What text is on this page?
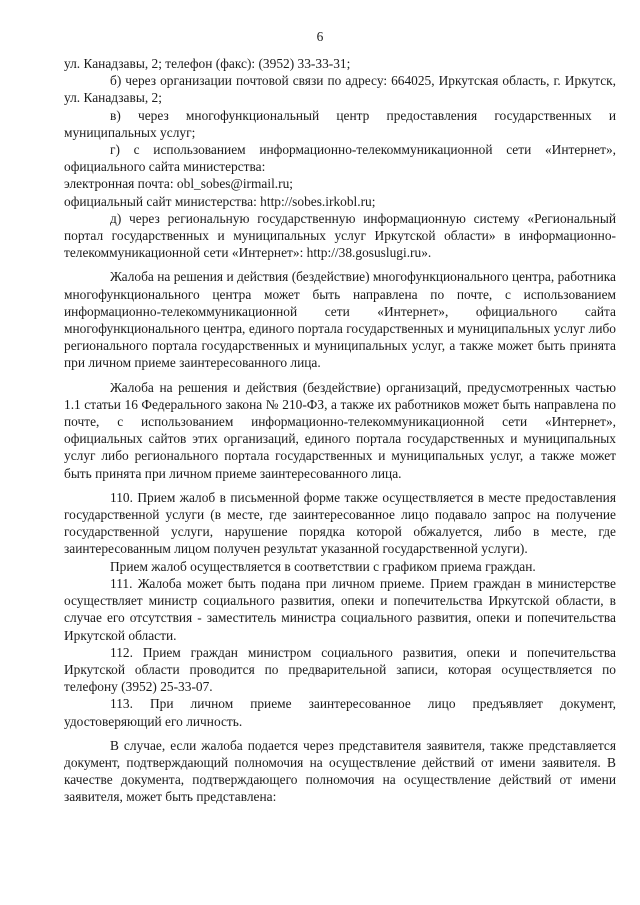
6

ул. Канадзавы, 2; телефон (факс): (3952) 33-33-31;

б) через организации почтовой связи по адресу: 664025, Иркутская область, г. Иркутск, ул. Канадзавы, 2;

в) через многофункциональный центр предоставления государственных и муниципальных услуг;

г) с использованием информационно-телекоммуникационной сети «Интернет», официального сайта министерства:

электронная почта: obl_sobes@irmail.ru;

официальный сайт министерства: http://sobes.irkobl.ru;

д) через региональную государственную информационную систему «Региональный портал государственных и муниципальных услуг Иркутской области» в информационно-телекоммуникационной сети «Интернет»: http://38.gosuslugi.ru».

Жалоба на решения и действия (бездействие) многофункционального центра, работника многофункционального центра может быть направлена по почте, с использованием информационно-телекоммуникационной сети «Интернет», официального сайта многофункционального центра, единого портала государственных и муниципальных услуг либо регионального портала государственных и муниципальных услуг, а также может быть принята при личном приеме заинтересованного лица.

Жалоба на решения и действия (бездействие) организаций, предусмотренных частью 1.1 статьи 16 Федерального закона № 210-ФЗ, а также их работников может быть направлена по почте, с использованием информационно-телекоммуникационной сети «Интернет», официальных сайтов этих организаций, единого портала государственных и муниципальных услуг либо регионального портала государственных и муниципальных услуг, а также может быть принята при личном приеме заинтересованного лица.

110. Прием жалоб в письменной форме также осуществляется в месте предоставления государственной услуги (в месте, где заинтересованное лицо подавало запрос на получение государственной услуги, нарушение порядка которой обжалуется, либо в месте, где заинтересованным лицом получен результат указанной государственной услуги).

Прием жалоб осуществляется в соответствии с графиком приема граждан.

111. Жалоба может быть подана при личном приеме. Прием граждан в министерстве осуществляет министр социального развития, опеки и попечительства Иркутской области, в случае его отсутствия - заместитель министра социального развития, опеки и попечительства Иркутской области.

112. Прием граждан министром социального развития, опеки и попечительства Иркутской области проводится по предварительной записи, которая осуществляется по телефону (3952) 25-33-07.

113. При личном приеме заинтересованное лицо предъявляет документ, удостоверяющий его личность.

В случае, если жалоба подается через представителя заявителя, также представляется документ, подтверждающий полномочия на осуществление действий от имени заявителя. В качестве документа, подтверждающего полномочия на осуществление действий от имени заявителя, может быть представлена:
